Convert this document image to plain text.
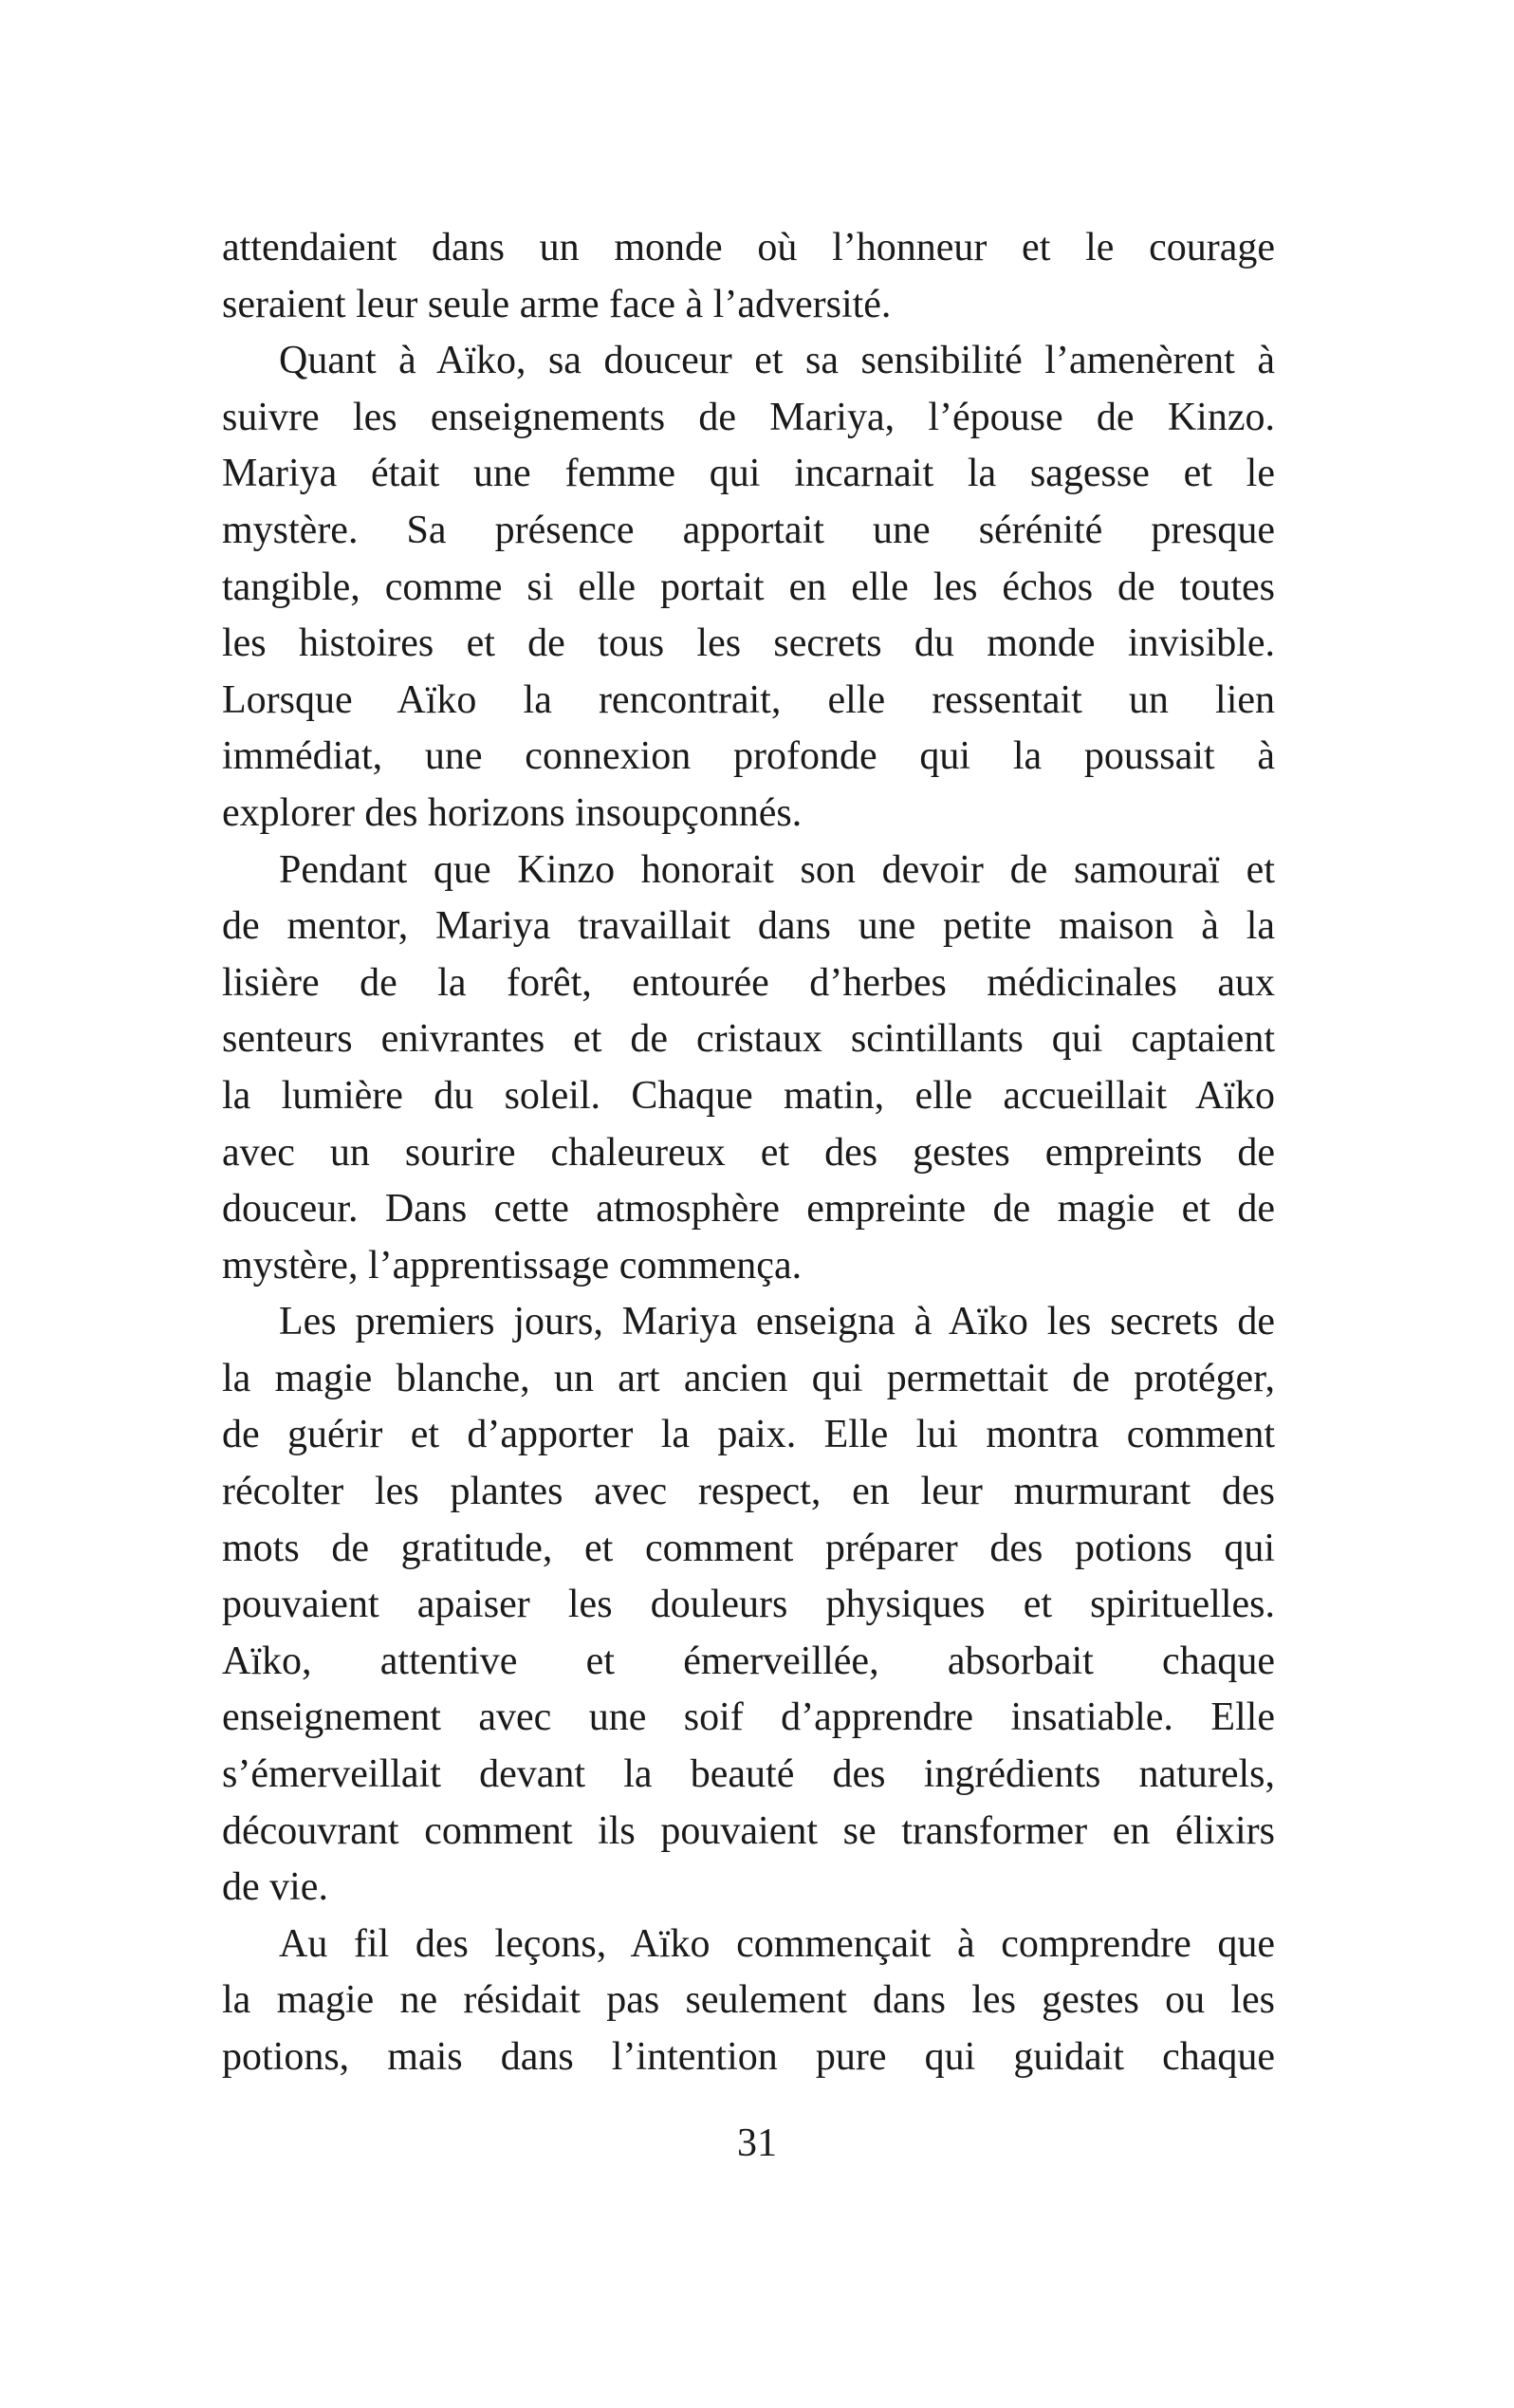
attendaient dans un monde où l’honneur et le courage
seraient leur seule arme face à l’adversité.
Quant à Aïko, sa douceur et sa sensibilité l’amenèrent à
suivre les enseignements de Mariya, l’épouse de Kinzo.
Mariya était une femme qui incarnait la sagesse et le
mystère. Sa présence apportait une sérénité presque
tangible, comme si elle portait en elle les échos de toutes
les histoires et de tous les secrets du monde invisible.
Lorsque Aïko la rencontrait, elle ressentait un lien
immédiat, une connexion profonde qui la poussait à
explorer des horizons insoupçonnés.
Pendant que Kinzo honorait son devoir de samouraï et
de mentor, Mariya travaillait dans une petite maison à la
lisière de la forêt, entourée d’herbes médicinales aux
senteurs enivrantes et de cristaux scintillants qui captaient
la lumière du soleil. Chaque matin, elle accueillait Aïko
avec un sourire chaleureux et des gestes empreints de
douceur. Dans cette atmosphère empreinte de magie et de
mystère, l’apprentissage commença.
Les premiers jours, Mariya enseigna à Aïko les secrets de
la magie blanche, un art ancien qui permettait de protéger,
de guérir et d’apporter la paix. Elle lui montra comment
récolter les plantes avec respect, en leur murmurant des
mots de gratitude, et comment préparer des potions qui
pouvaient apaiser les douleurs physiques et spirituelles.
Aïko, attentive et émerveillée, absorbait chaque
enseignement avec une soif d’apprendre insatiable. Elle
s’émerveillait devant la beauté des ingrédients naturels,
découvrant comment ils pouvaient se transformer en élixirs
de vie.
Au fil des leçons, Aïko commençait à comprendre que
la magie ne résidait pas seulement dans les gestes ou les
potions, mais dans l’intention pure qui guidait chaque
31
